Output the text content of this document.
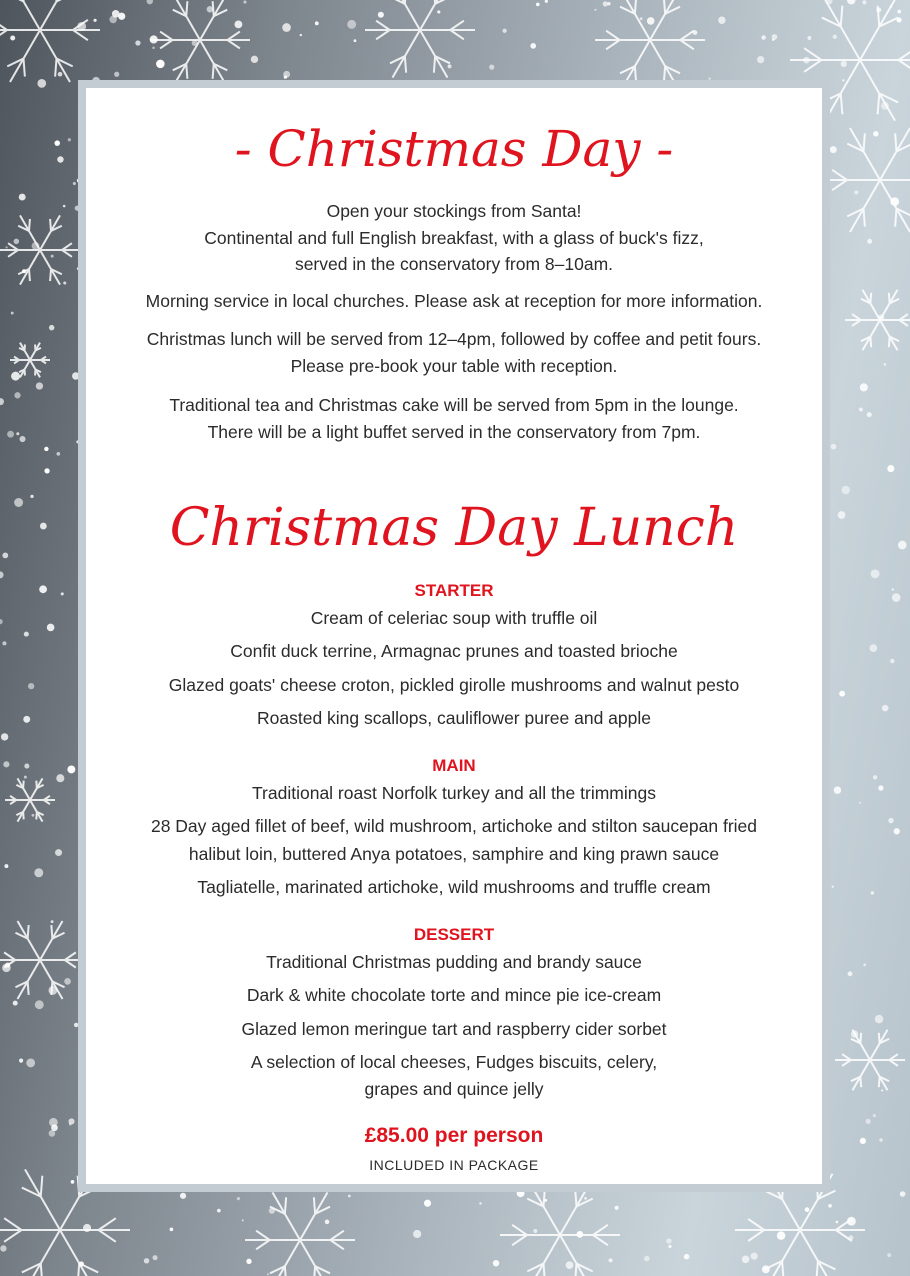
- Christmas Day -
Open your stockings from Santa!
Continental and full English breakfast, with a glass of buck's fizz,
served in the conservatory from 8–10am.
Morning service in local churches. Please ask at reception for more information.
Christmas lunch will be served from 12–4pm, followed by coffee and petit fours.
Please pre-book your table with reception.
Traditional tea and Christmas cake will be served from 5pm in the lounge.
There will be a light buffet served in the conservatory from 7pm.
Christmas Day Lunch
STARTER
Cream of celeriac soup with truffle oil
Confit duck terrine, Armagnac prunes and toasted brioche
Glazed goats' cheese croton, pickled girolle mushrooms and walnut pesto
Roasted king scallops, cauliflower puree and apple
MAIN
Traditional roast Norfolk turkey and all the trimmings
28 Day aged fillet of beef, wild mushroom, artichoke and stilton saucepan fried
halibut loin, buttered Anya potatoes, samphire and king prawn sauce
Tagliatelle, marinated artichoke, wild mushrooms and truffle cream
DESSERT
Traditional Christmas pudding and brandy sauce
Dark & white chocolate torte and mince pie ice-cream
Glazed lemon meringue tart and raspberry cider sorbet
A selection of local cheeses, Fudges biscuits, celery,
grapes and quince jelly
£85.00 per person
INCLUDED IN PACKAGE
